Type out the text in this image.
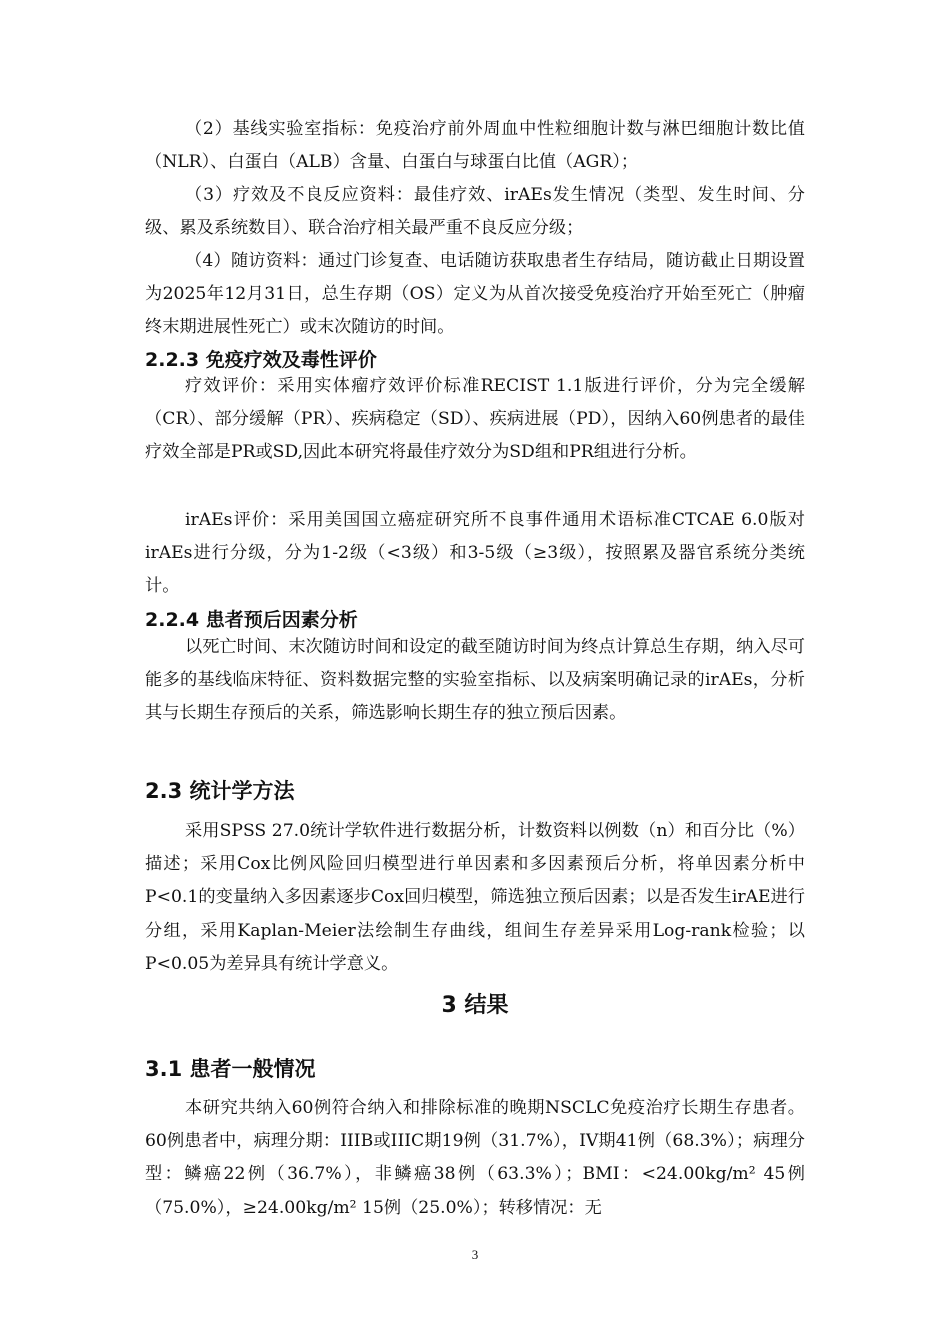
（2）基线实验室指标：免疫治疗前外周血中性粒细胞计数与淋巴细胞计数比值（NLR）、白蛋白（ALB）含量、白蛋白与球蛋白比值（AGR）；

（3）疗效及不良反应资料：最佳疗效、irAEs发生情况（类型、发生时间、分级、累及系统数目）、联合治疗相关最严重不良反应分级；

（4）随访资料：通过门诊复查、电话随访获取患者生存结局，随访截止日期设置为2025年12月31日，总生存期（OS）定义为从首次接受免疫治疗开始至死亡（肿瘤终末期进展性死亡）或末次随访的时间。

2.2.3 免疫疗效及毒性评价

疗效评价：采用实体瘤疗效评价标准RECIST 1.1版进行评价，分为完全缓解（CR）、部分缓解（PR）、疾病稳定（SD）、疾病进展（PD），因纳入60例患者的最佳疗效全部是PR或SD,因此本研究将最佳疗效分为SD组和PR组进行分析。

irAEs评价：采用美国国立癌症研究所不良事件通用术语标准CTCAE 6.0版对irAEs进行分级，分为1-2级（<3级）和3-5级（≥3级），按照累及器官系统分类统计。

2.2.4 患者预后因素分析

以死亡时间、末次随访时间和设定的截至随访时间为终点计算总生存期，纳入尽可能多的基线临床特征、资料数据完整的实验室指标、以及病案明确记录的irAEs，分析其与长期生存预后的关系，筛选影响长期生存的独立预后因素。

2.3 统计学方法

采用SPSS 27.0统计学软件进行数据分析，计数资料以例数（n）和百分比（%）描述；采用Cox比例风险回归模型进行单因素和多因素预后分析，将单因素分析中P<0.1的变量纳入多因素逐步Cox回归模型，筛选独立预后因素；以是否发生irAE进行分组，采用Kaplan-Meier法绘制生存曲线，组间生存差异采用Log-rank检验；以P<0.05为差异具有统计学意义。

3 结果
3.1 患者一般情况

本研究共纳入60例符合纳入和排除标准的晚期NSCLC免疫治疗长期生存患者。60例患者中，病理分期：IIIB或IIIC期19例（31.7%），IV期41例（68.3%）；病理分型：鳞癌22例（36.7%），非鳞癌38例（63.3%）；BMI：<24.00kg/m² 45例（75.0%），≥24.00kg/m² 15例（25.0%）；转移情况：无

3
